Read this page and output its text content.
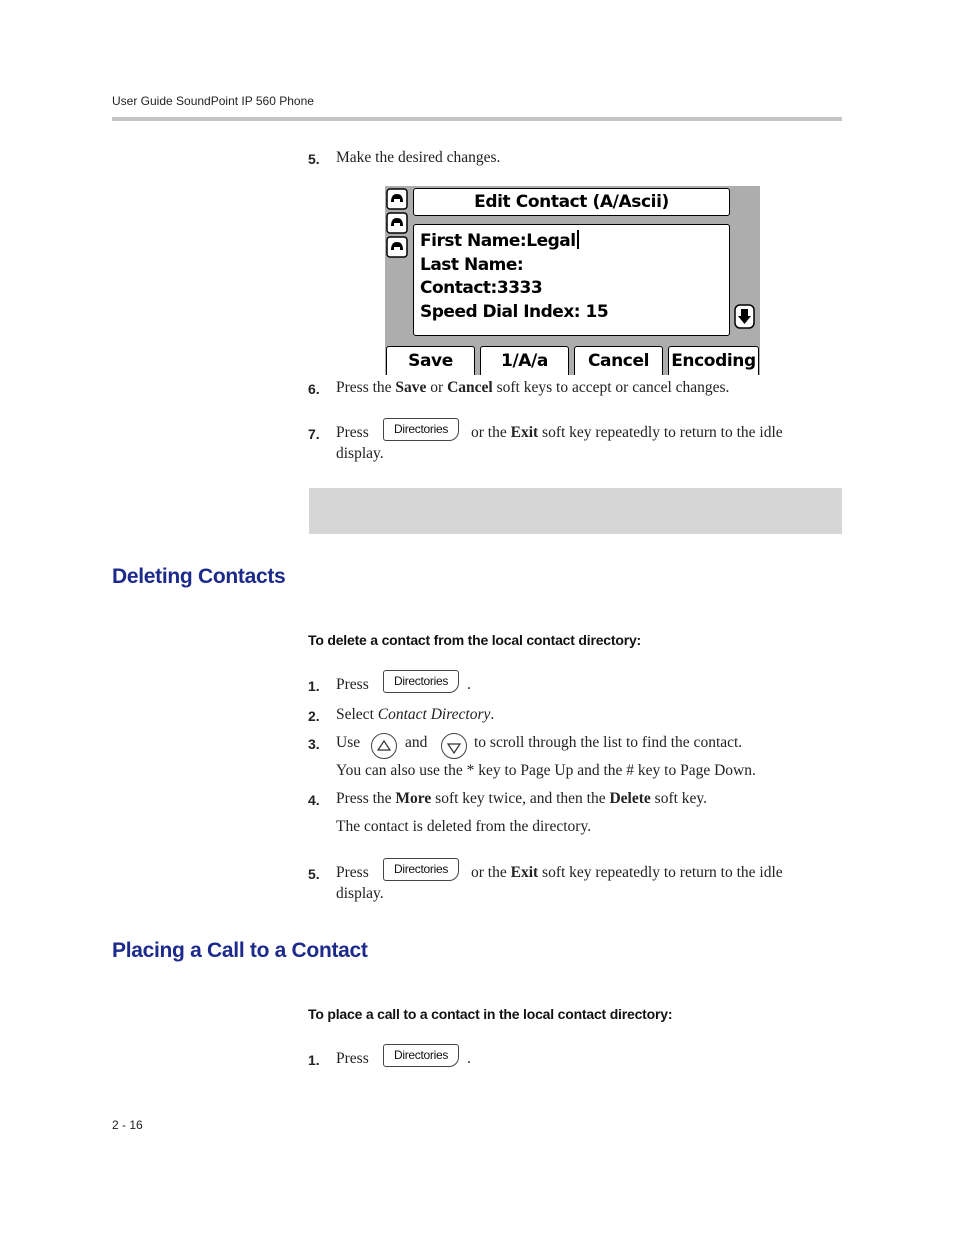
User Guide SoundPoint IP 560 Phone
5. Make the desired changes.
Edit Contact (A/Ascii)
First Name:Legal
Last Name:
Contact:3333
Speed Dial Index: 15
Save	1/A/a	Cancel	Encoding
6. Press the Save or Cancel soft keys to accept or cancel changes.
7. Press	Directories	or the Exit soft key repeatedly to return to the idle
display.
Deleting Contacts
To delete a contact from the local contact directory:
1. Press	Directories	.
2. Select Contact Directory.
3. Use	and	to scroll through the list to find the contact.
You can also use the * key to Page Up and the # key to Page Down.
4. Press the More soft key twice, and then the Delete soft key.
The contact is deleted from the directory.
5. Press	Directories	or the Exit soft key repeatedly to return to the idle
display.
Placing a Call to a Contact
To place a call to a contact in the local contact directory:
1. Press	Directories	.
2 - 16
